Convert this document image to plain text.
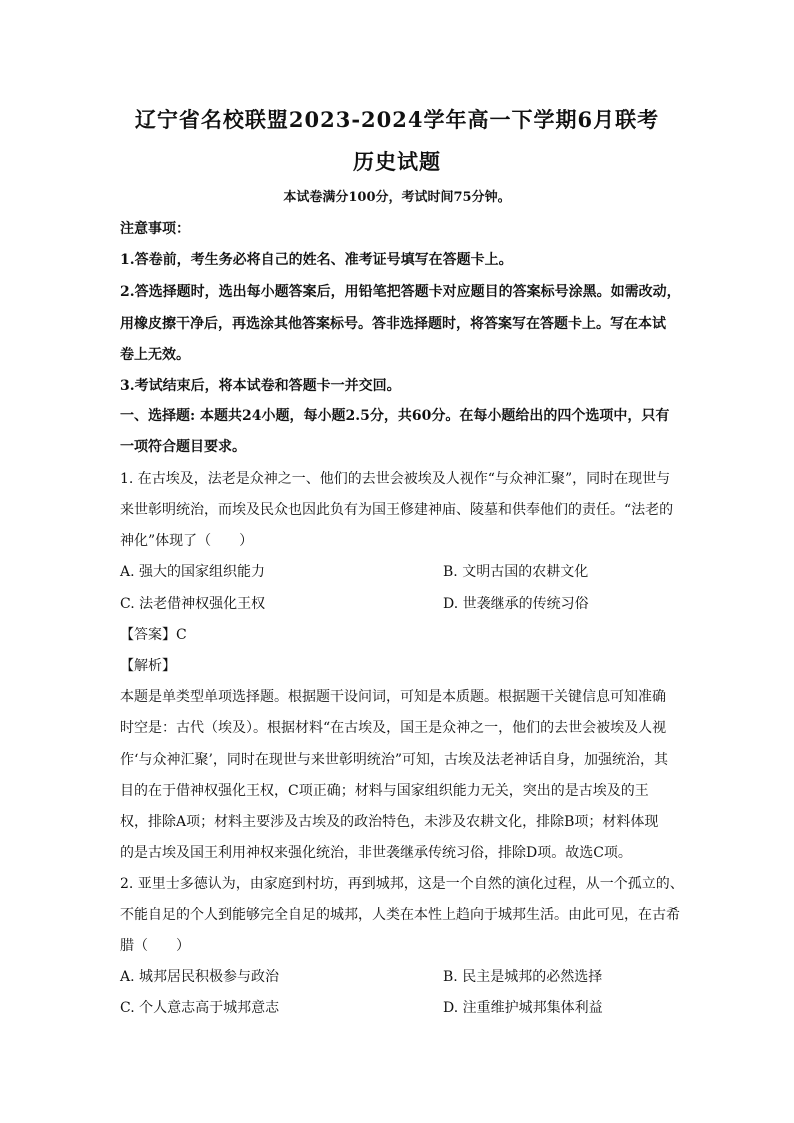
辽宁省名校联盟2023-2024学年高一下学期6月联考
历史试题
本试卷满分100分，考试时间75分钟。
注意事项：
1.答卷前，考生务必将自己的姓名、准考证号填写在答题卡上。
2.答选择题时，选出每小题答案后，用铅笔把答题卡对应题目的答案标号涂黑。如需改动，
用橡皮擦干净后，再选涂其他答案标号。答非选择题时，将答案写在答题卡上。写在本试
卷上无效。
3.考试结束后，将本试卷和答题卡一并交回。
一、选择题: 本题共24小题，每小题2.5分，共60分。在每小题给出的四个选项中，只有
一项符合题目要求。
1. 在古埃及，法老是众神之一、他们的去世会被埃及人视作“与众神汇聚”，同时在现世与
来世彰明统治，而埃及民众也因此负有为国王修建神庙、陵墓和供奉他们的责任。“法老的
神化”体现了（　　）
A. 强大的国家组织能力	B. 文明古国的农耕文化
C. 法老借神权强化王权	D. 世袭继承的传统习俗
【答案】C
【解析】
本题是单类型单项选择题。根据题干设问词，可知是本质题。根据题干关键信息可知准确
时空是：古代（埃及）。根据材料“在古埃及，国王是众神之一，他们的去世会被埃及人视
作‘与众神汇聚’，同时在现世与来世彰明统治”可知，古埃及法老神话自身，加强统治，其
目的在于借神权强化王权，C项正确；材料与国家组织能力无关，突出的是古埃及的王
权，排除A项；材料主要涉及古埃及的政治特色，未涉及农耕文化，排除B项；材料体现
的是古埃及国王利用神权来强化统治，非世袭继承传统习俗，排除D项。故选C项。
2. 亚里士多德认为，由家庭到村坊，再到城邦，这是一个自然的演化过程，从一个孤立的、
不能自足的个人到能够完全自足的城邦，人类在本性上趋向于城邦生活。由此可见，在古希
腊（　　）
A. 城邦居民积极参与政治	B. 民主是城邦的必然选择
C. 个人意志高于城邦意志	D. 注重维护城邦集体利益
